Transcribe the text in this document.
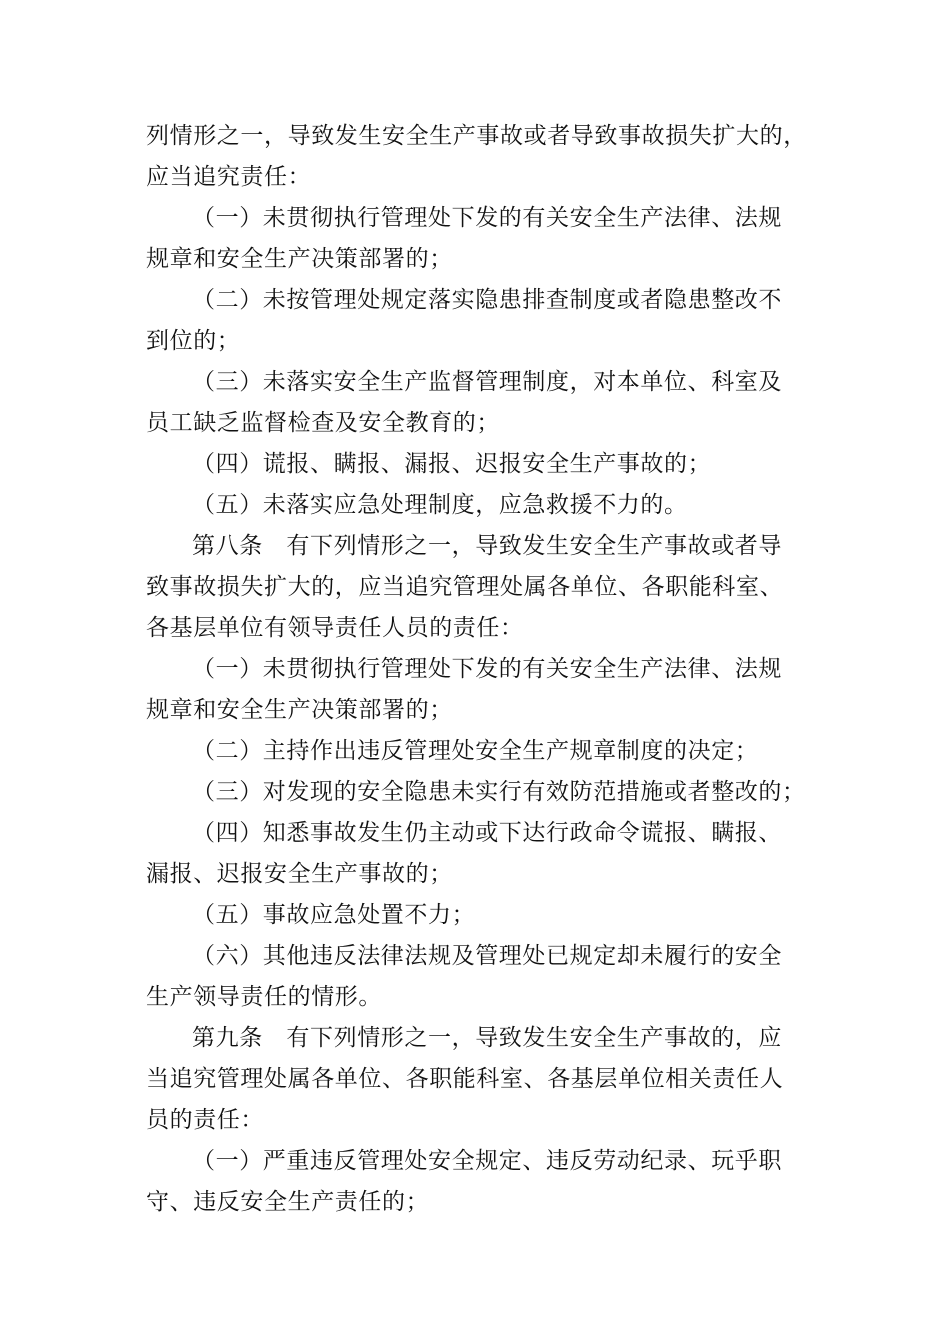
列情形之一，导致发生安全生产事故或者导致事故损失扩大的，
应当追究责任：
（一）未贯彻执行管理处下发的有关安全生产法律、法规
规章和安全生产决策部署的；
（二）未按管理处规定落实隐患排查制度或者隐患整改不
到位的；
（三）未落实安全生产监督管理制度，对本单位、科室及
员工缺乏监督检查及安全教育的；
（四）谎报、瞒报、漏报、迟报安全生产事故的；
（五）未落实应急处理制度，应急救援不力的。
第八条　有下列情形之一，导致发生安全生产事故或者导
致事故损失扩大的，应当追究管理处属各单位、各职能科室、
各基层单位有领导责任人员的责任：
（一）未贯彻执行管理处下发的有关安全生产法律、法规
规章和安全生产决策部署的；
（二）主持作出违反管理处安全生产规章制度的决定；
（三）对发现的安全隐患未实行有效防范措施或者整改的；
（四）知悉事故发生仍主动或下达行政命令谎报、瞒报、
漏报、迟报安全生产事故的；
（五）事故应急处置不力；
（六）其他违反法律法规及管理处已规定却未履行的安全
生产领导责任的情形。
第九条　有下列情形之一，导致发生安全生产事故的，应
当追究管理处属各单位、各职能科室、各基层单位相关责任人
员的责任：
（一）严重违反管理处安全规定、违反劳动纪录、玩乎职
守、违反安全生产责任的；
